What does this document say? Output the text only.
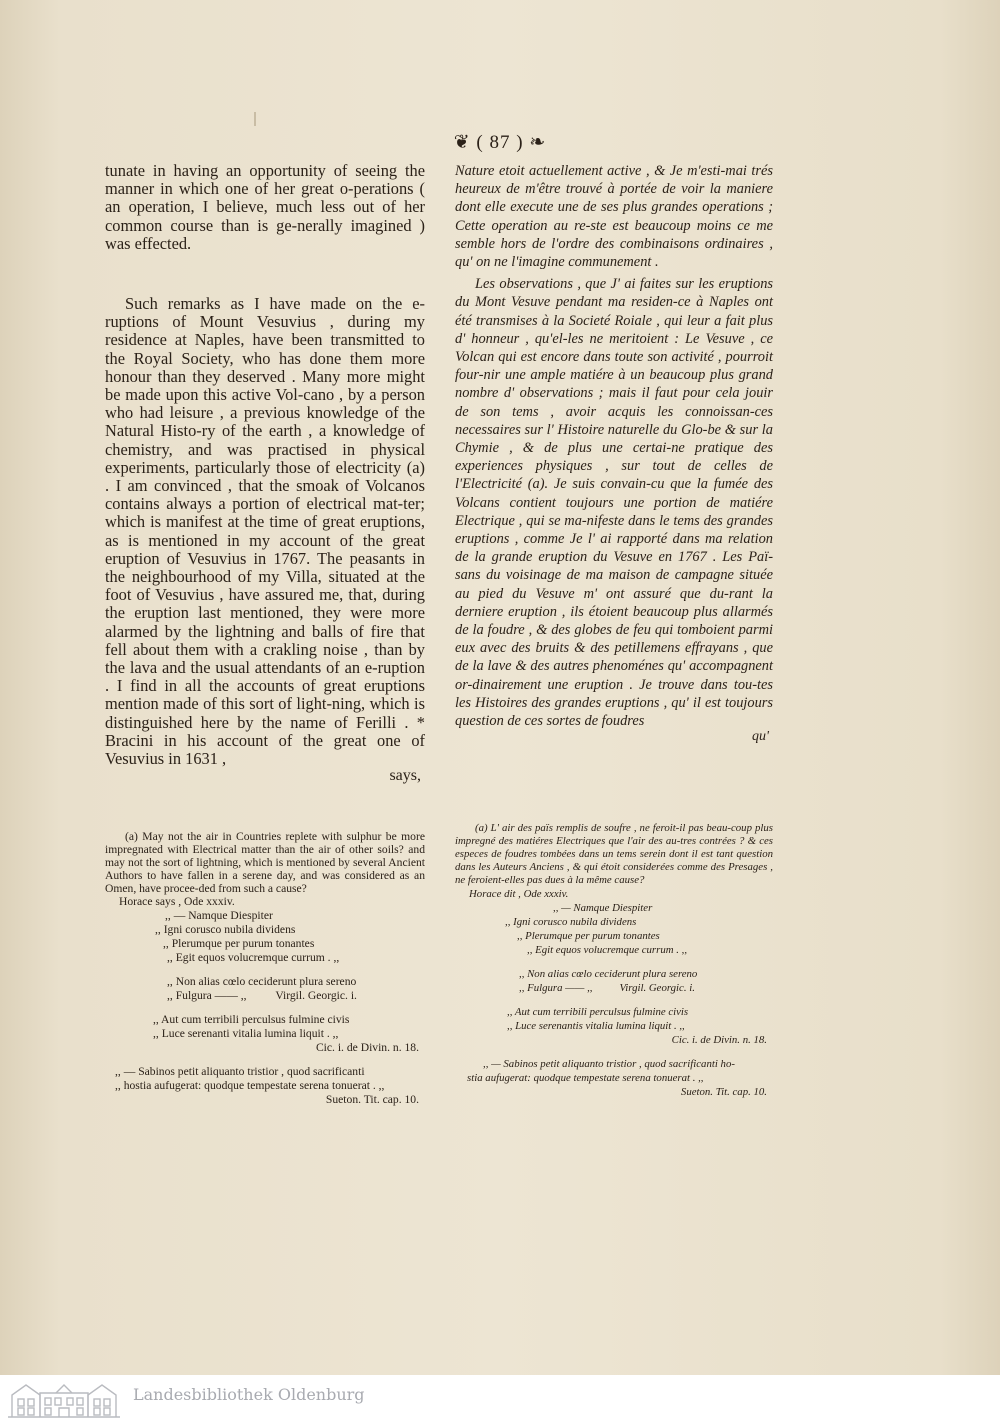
❦ ( 87 ) ❧

tunate in having an opportunity of seeing the manner in which one of her great o-perations ( an operation, I believe, much less out of her common course than is ge-nerally imagined ) was effected.

Such remarks as I have made on the e-ruptions of Mount Vesuvius , during my residence at Naples, have been transmitted to the Royal Society, who has done them more honour than they deserved . Many more might be made upon this active Vol-cano , by a person who had leisure , a previous knowledge of the Natural Histo-ry of the earth , a knowledge of chemistry, and was practised in physical experiments, particularly those of electricity (a) . I am convinced , that the smoak of Volcanos contains always a portion of electrical mat-ter; which is manifest at the time of great eruptions, as is mentioned in my account of the great eruption of Vesuvius in 1767. The peasants in the neighbourhood of my Villa, situated at the foot of Vesuvius , have assured me, that, during the eruption last mentioned, they were more alarmed by the lightning and balls of fire that fell about them with a crakling noise , than by the lava and the usual attendants of an e-ruption . I find in all the accounts of great eruptions mention made of this sort of light-ning, which is distinguished here by the name of Ferilli . * Bracini in his account of the great one of Vesuvius in 1631 ,

says,

(a) May not the air in Countries replete with sulphur be more impregnated with Electrical matter than the air of other soils? and may not the sort of lightning, which is mentioned by several Ancient Authors to have fallen in a serene day, and was considered as an Omen, have procee-ded from such a cause?

Horace says , Ode xxxiv.

,, — Namque Diespiter

,, Igni corusco nubila dividens

,, Plerumque per purum tonantes

,, Egit equos volucremque currum . ,,

,, Non alias cœlo ceciderunt plura sereno

,, Fulgura —— ,,          Virgil. Georgic. i.

,, Aut cum terribili perculsus fulmine civis

,, Luce serenanti vitalia lumina liquit . ,,

Cic. i. de Divin. n. 18.

,, — Sabinos petit aliquanto tristior , quod sacrificanti

,, hostia aufugerat: quodque tempestate serena tonuerat . ,,

Sueton. Tit. cap. 10.

Nature etoit actuellement active , & Je m'esti-mai trés heureux de m'être trouvé à portée de voir la maniere dont elle execute une de ses plus grandes operations ; Cette operation au re-ste est beaucoup moins ce me semble hors de l'ordre des combinaisons ordinaires , qu' on ne l'imagine communement .

Les observations , que J' ai faites sur les eruptions du Mont Vesuve pendant ma residen-ce à Naples ont été transmises à la Societé Roiale , qui leur a fait plus d' honneur , qu'el-les ne meritoient : Le Vesuve , ce Volcan qui est encore dans toute son activité , pourroit four-nir une ample matiére à un beaucoup plus grand nombre d' observations ; mais il faut pour cela jouir de son tems , avoir acquis les connoissan-ces necessaires sur l' Histoire naturelle du Glo-be & sur la Chymie , & de plus une certai-ne pratique des experiences physiques , sur tout de celles de l'Electricité (a). Je suis convain-cu que la fumée des Volcans contient toujours une portion de matiére Electrique , qui se ma-nifeste dans le tems des grandes eruptions , comme Je l' ai rapporté dans ma relation de la grande eruption du Vesuve en 1767 . Les Paï-sans du voisinage de ma maison de campagne située au pied du Vesuve m' ont assuré que du-rant la derniere eruption , ils étoient beaucoup plus allarmés de la foudre , & des globes de feu qui tomboient parmi eux avec des bruits & des petillemens effrayans , que de la lave & des autres phenoménes qu' accompagnent or-dinairement une eruption . Je trouve dans tou-tes les Histoires des grandes eruptions , qu' il est toujours question de ces sortes de foudres

qu'

(a) L' air des païs remplis de soufre , ne feroit-il pas beau-coup plus impregné des matiéres Electriques que l'air des au-tres contrées ? & ces especes de foudres tombées dans un tems serein dont il est tant question dans les Auteurs Anciens , & qui étoit considerées comme des Presages , ne feroient-elles pas dues à la même cause?

Horace dit , Ode xxxiv.

,, — Namque Diespiter

,, Igni corusco nubila dividens

,, Plerumque per purum tonantes

,, Egit equos volucremque currum . ,,

,, Non alias cœlo ceciderunt plura sereno

,, Fulgura —— ,,          Virgil. Georgic. i.

,, Aut cum terribili perculsus fulmine civis

,, Luce serenantis vitalia lumina liquit . ,,

Cic. i. de Divin. n. 18.

,, — Sabinos petit aliquanto tristior , quod sacrificanti ho-

stia aufugerat: quodque tempestate serena tonuerat . ,,

Sueton. Tit. cap. 10.

Landesbibliothek Oldenburg
